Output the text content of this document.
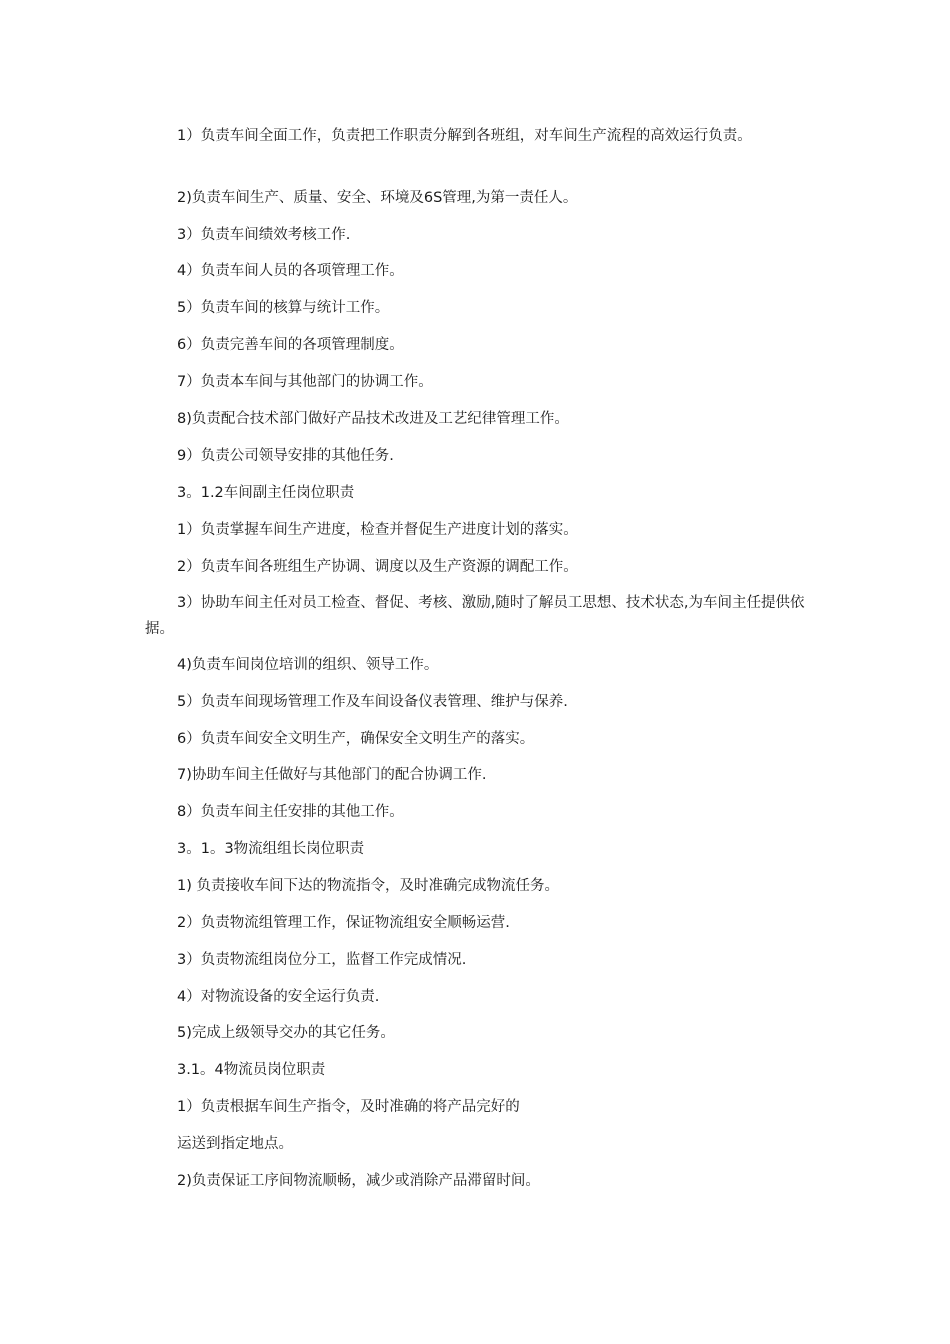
1）负责车间全面工作，负责把工作职责分解到各班组，对车间生产流程的高效运行负责。

2)负责车间生产、质量、安全、环境及6S管理,为第一责任人。

3）负责车间绩效考核工作.

4）负责车间人员的各项管理工作。

5）负责车间的核算与统计工作。

6）负责完善车间的各项管理制度。

7）负责本车间与其他部门的协调工作。

8)负责配合技术部门做好产品技术改进及工艺纪律管理工作。

9）负责公司领导安排的其他任务.

3。1.2车间副主任岗位职责

1）负责掌握车间生产进度，检查并督促生产进度计划的落实。

2）负责车间各班组生产协调、调度以及生产资源的调配工作。

3）协助车间主任对员工检查、督促、考核、激励,随时了解员工思想、技术状态,为车间主任提供依据。

4)负责车间岗位培训的组织、领导工作。

5）负责车间现场管理工作及车间设备仪表管理、维护与保养.

6）负责车间安全文明生产，确保安全文明生产的落实。

7)协助车间主任做好与其他部门的配合协调工作.

8）负责车间主任安排的其他工作。

3。1。3物流组组长岗位职责

1) 负责接收车间下达的物流指令，及时准确完成物流任务。

2）负责物流组管理工作，保证物流组安全顺畅运营.

3）负责物流组岗位分工，监督工作完成情况.

4）对物流设备的安全运行负责.

5)完成上级领导交办的其它任务。

3.1。4物流员岗位职责

1）负责根据车间生产指令，及时准确的将产品完好的

运送到指定地点。

2)负责保证工序间物流顺畅，减少或消除产品滞留时间。
